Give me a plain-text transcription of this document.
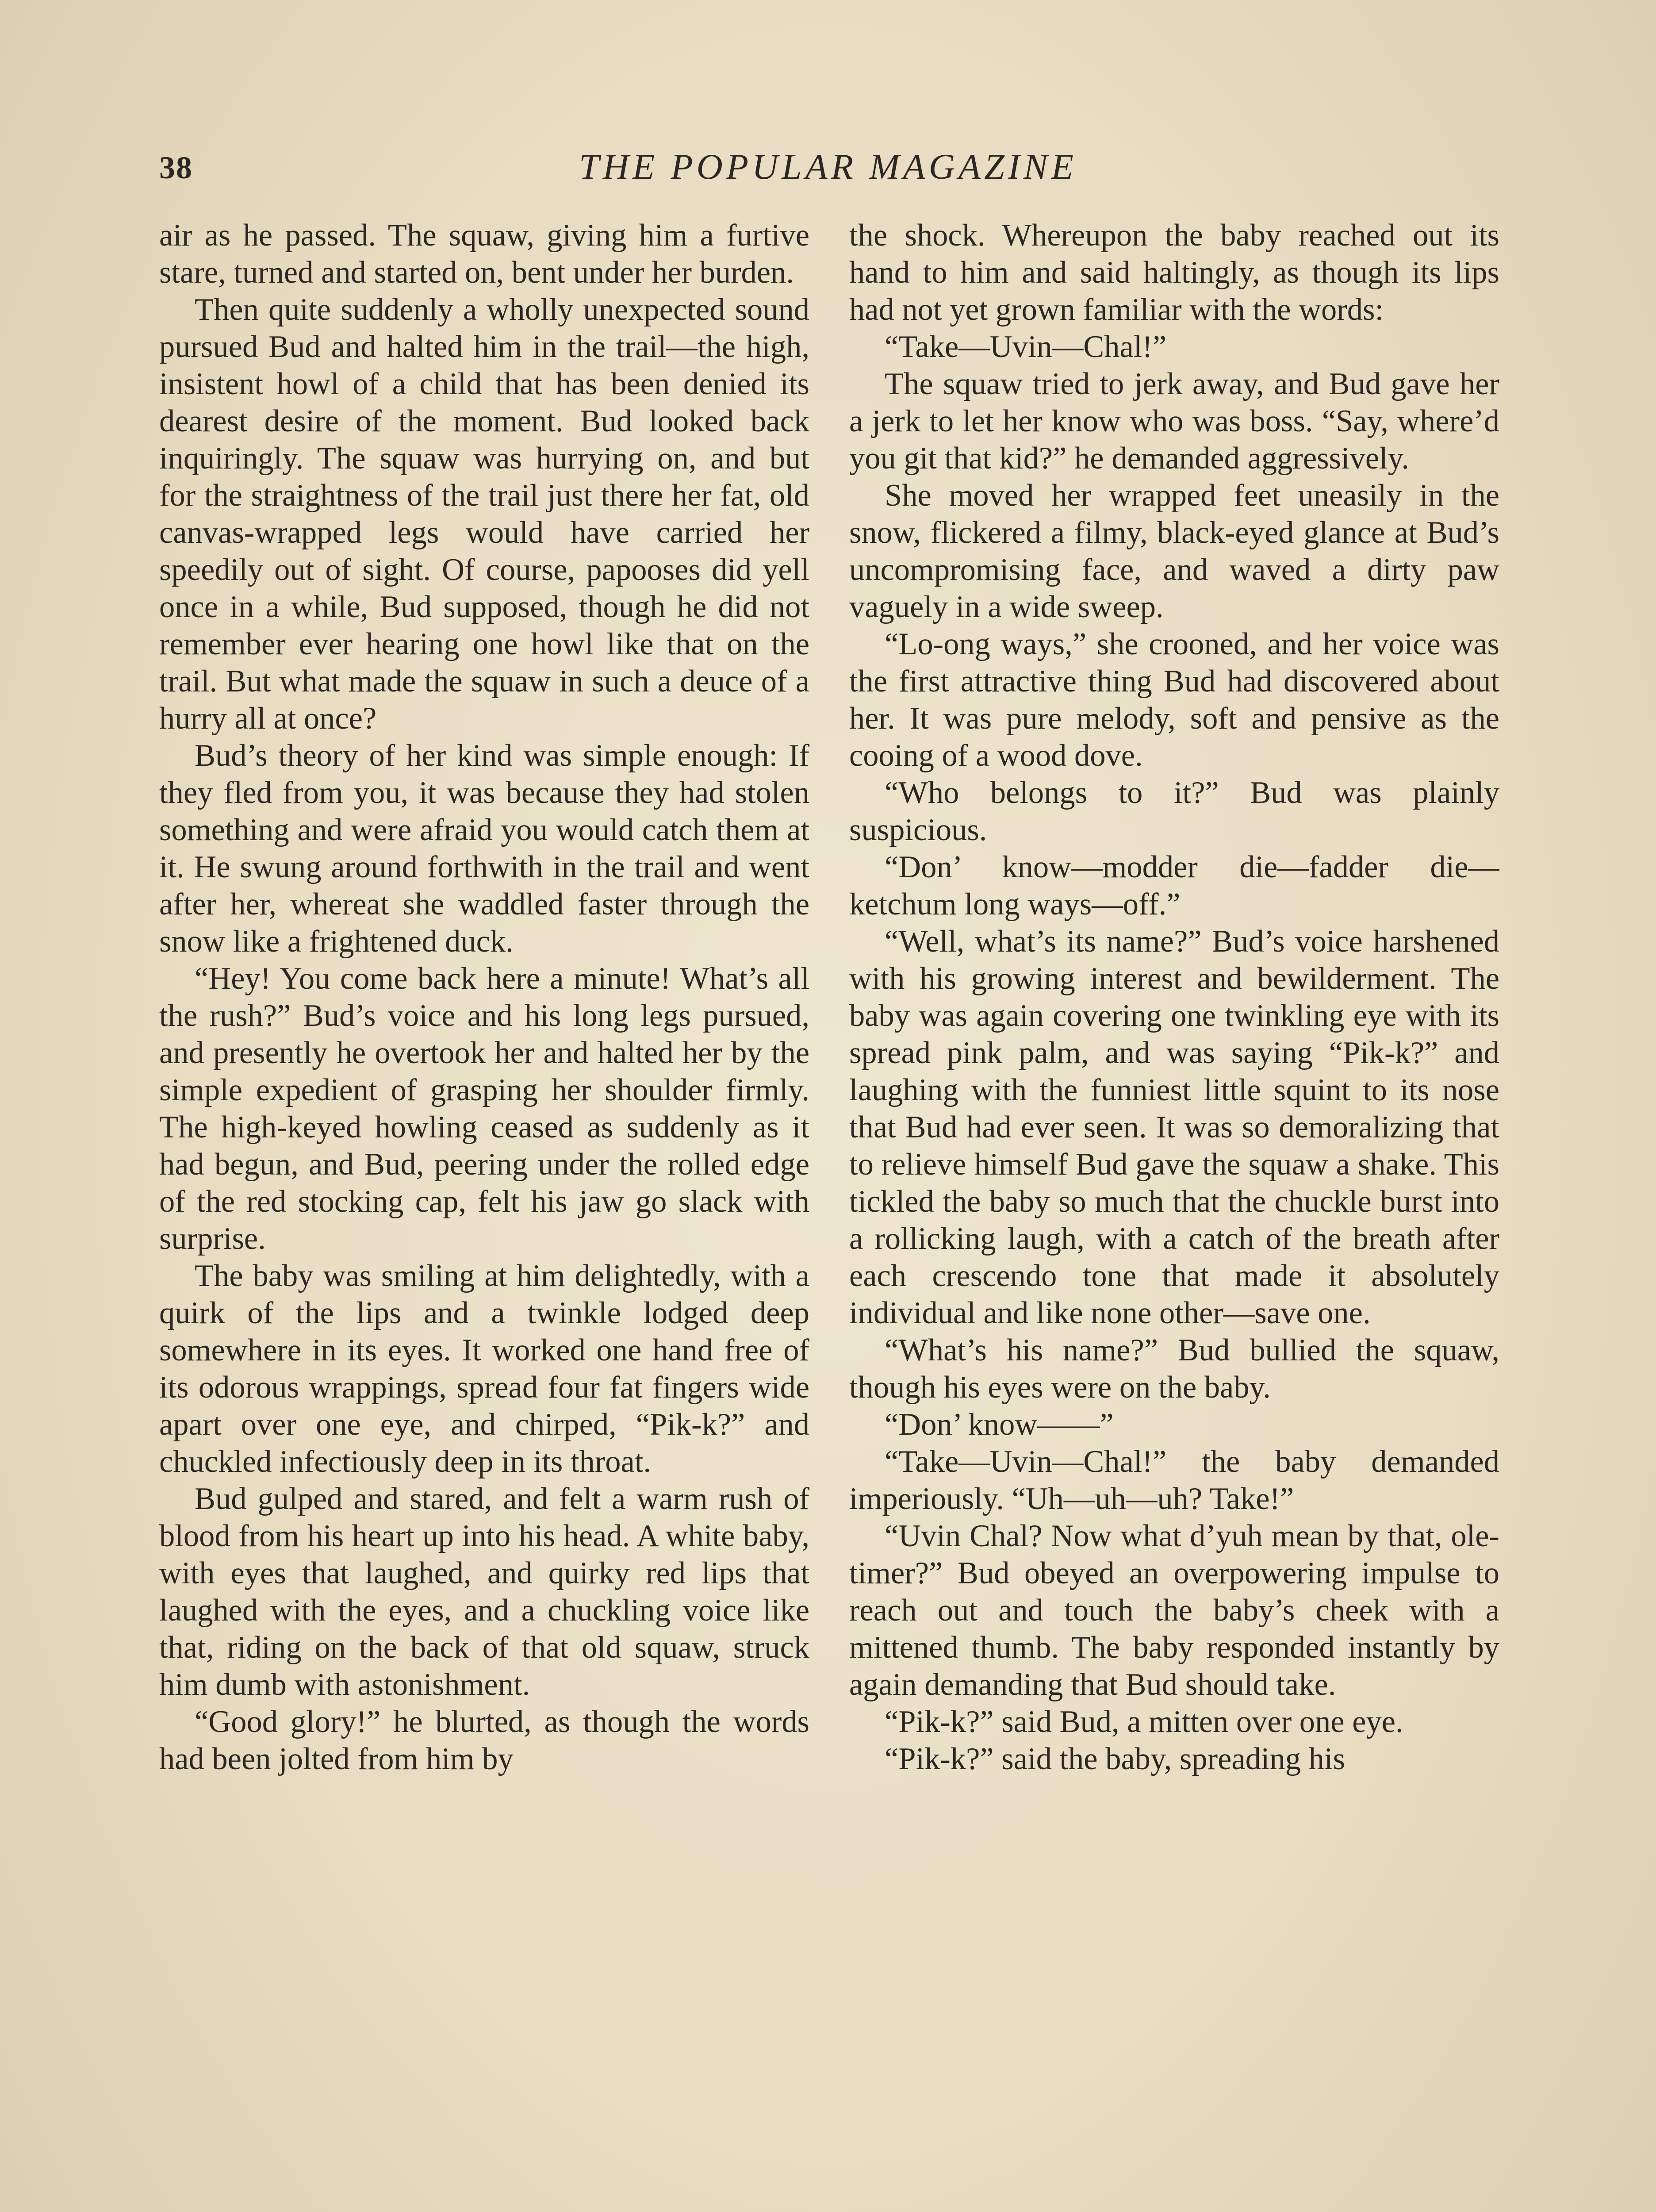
38	THE POPULAR MAGAZINE

air as he passed. The squaw, giving him a furtive stare, turned and started on, bent under her burden.

Then quite suddenly a wholly unexpected sound pursued Bud and halted him in the trail—the high, insistent howl of a child that has been denied its dearest desire of the moment. Bud looked back inquiringly. The squaw was hurrying on, and but for the straightness of the trail just there her fat, old canvas-wrapped legs would have carried her speedily out of sight. Of course, papooses did yell once in a while, Bud supposed, though he did not remember ever hearing one howl like that on the trail. But what made the squaw in such a deuce of a hurry all at once?

Bud’s theory of her kind was simple enough: If they fled from you, it was because they had stolen something and were afraid you would catch them at it. He swung around forthwith in the trail and went after her, whereat she waddled faster through the snow like a frightened duck.

“Hey! You come back here a minute! What’s all the rush?” Bud’s voice and his long legs pursued, and presently he overtook her and halted her by the simple expedient of grasping her shoulder firmly. The high-keyed howling ceased as suddenly as it had begun, and Bud, peering under the rolled edge of the red stocking cap, felt his jaw go slack with surprise.

The baby was smiling at him delightedly, with a quirk of the lips and a twinkle lodged deep somewhere in its eyes. It worked one hand free of its odorous wrappings, spread four fat fingers wide apart over one eye, and chirped, “Pik-k?” and chuckled infectiously deep in its throat.

Bud gulped and stared, and felt a warm rush of blood from his heart up into his head. A white baby, with eyes that laughed, and quirky red lips that laughed with the eyes, and a chuckling voice like that, riding on the back of that old squaw, struck him dumb with astonishment.

“Good glory!” he blurted, as though the words had been jolted from him by

the shock. Whereupon the baby reached out its hand to him and said haltingly, as though its lips had not yet grown familiar with the words:

“Take—Uvin—Chal!”

The squaw tried to jerk away, and Bud gave her a jerk to let her know who was boss. “Say, where’d you git that kid?” he demanded aggressively.

She moved her wrapped feet uneasily in the snow, flickered a filmy, black-eyed glance at Bud’s uncompromising face, and waved a dirty paw vaguely in a wide sweep.

“Lo-ong ways,” she crooned, and her voice was the first attractive thing Bud had discovered about her. It was pure melody, soft and pensive as the cooing of a wood dove.

“Who belongs to it?” Bud was plainly suspicious.

“Don’ know—modder die—fadder die—ketchum long ways—off.”

“Well, what’s its name?” Bud’s voice harshened with his growing interest and bewilderment. The baby was again covering one twinkling eye with its spread pink palm, and was saying “Pik-k?” and laughing with the funniest little squint to its nose that Bud had ever seen. It was so demoralizing that to relieve himself Bud gave the squaw a shake. This tickled the baby so much that the chuckle burst into a rollicking laugh, with a catch of the breath after each crescendo tone that made it absolutely individual and like none other—save one.

“What’s his name?” Bud bullied the squaw, though his eyes were on the baby.

“Don’ know——”

“Take—Uvin—Chal!” the baby demanded imperiously. “Uh—uh—uh? Take!”

“Uvin Chal? Now what d’yuh mean by that, ole-timer?” Bud obeyed an overpowering impulse to reach out and touch the baby’s cheek with a mittened thumb. The baby responded instantly by again demanding that Bud should take.

“Pik-k?” said Bud, a mitten over one eye.

“Pik-k?” said the baby, spreading his
